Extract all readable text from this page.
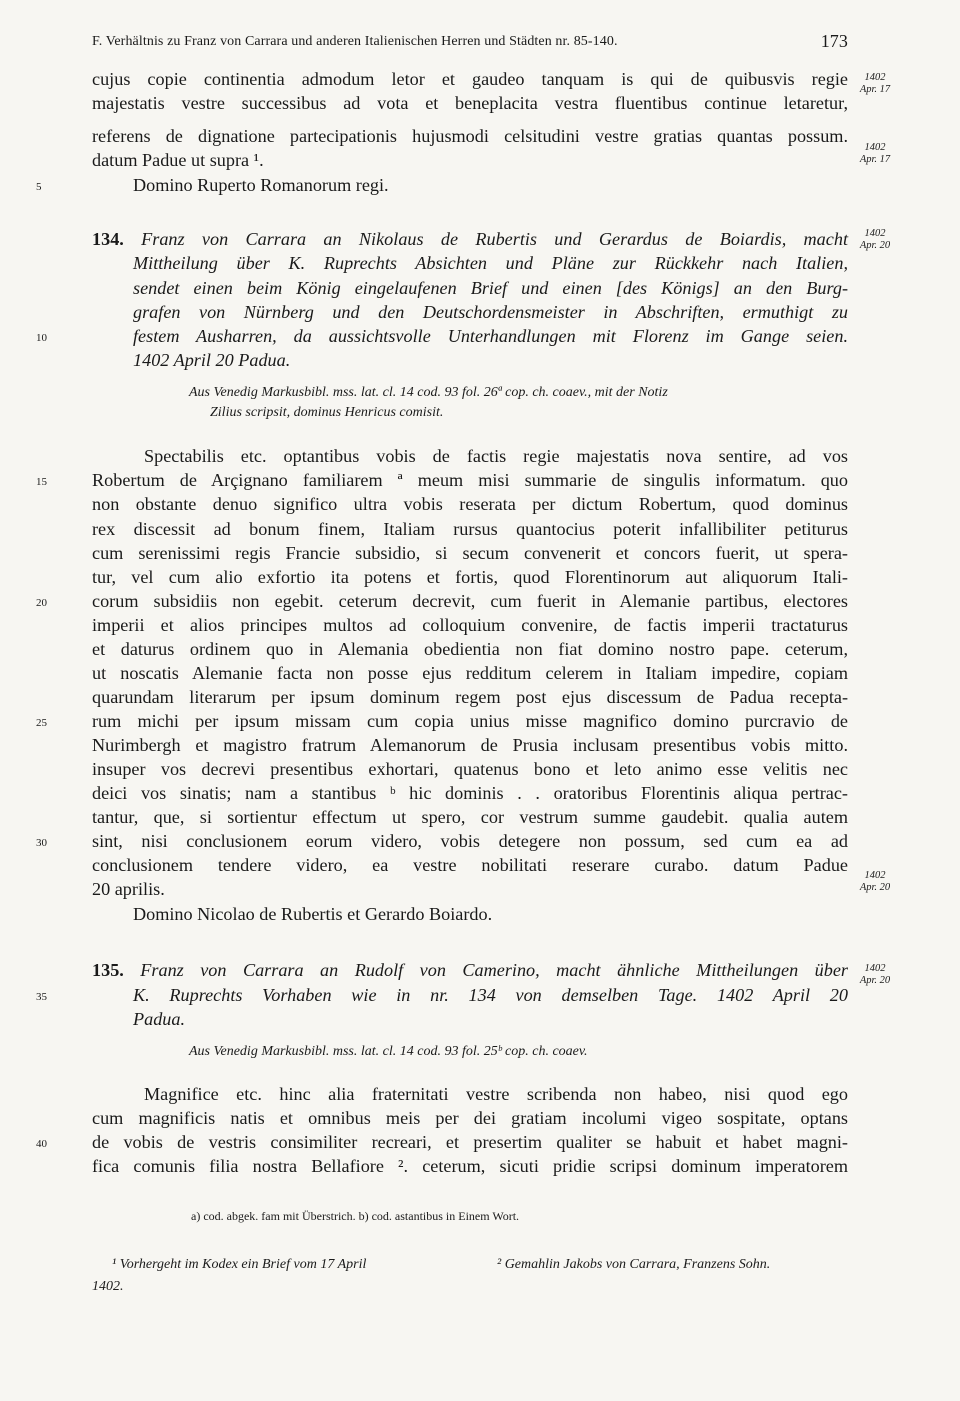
F. Verhältnis zu Franz von Carrara und anderen Italienischen Herren und Städten nr. 85-140.	173
cujus copie continentia admodum letor et gaudeo tanquam is qui de quibusvis regie
majestatis vestre successibus ad vota et beneplacita vestra fluentibus continue letaretur,
referens de dignatione partecipationis hujusmodi celsitudini vestre gratias quantas possum.
datum Padue ut supra ¹.
Domino Ruperto Romanorum regi.
134. Franz von Carrara an Nikolaus de Rubertis und Gerardus de Boiardis, macht
Mittheilung über K. Ruprechts Absichten und Pläne zur Rückkehr nach Italien,
sendet einen beim König eingelaufenen Brief und einen [des Königs] an den Burg-
grafen von Nürnberg und den Deutschordensmeister in Abschriften, ermuthigt zu
festem Ausharren, da aussichtsvolle Unterhandlungen mit Florenz im Gange seien.
1402 April 20 Padua.
Aus Venedig Markusbibl. mss. lat. cl. 14 cod. 93 fol. 26ª cop. ch. coaev., mit der Notiz
Zilius scripsit, dominus Henricus comisit.
Spectabilis etc. optantibus vobis de factis regie majestatis nova sentire, ad vos
Robertum de Arçignano familiarem ª meum misi summarie de singulis informatum. quo
non obstante denuo significo ultra vobis reserata per dictum Robertum, quod dominus
rex discessit ad bonum finem, Italiam rursus quantocius poterit infallibiliter petiturus
cum serenissimi regis Francie subsidio, si secum convenerit et concors fuerit, ut spera-
tur, vel cum alio exfortio ita potens et fortis, quod Florentinorum aut aliquorum Itali-
corum subsidiis non egebit. ceterum decrevit, cum fuerit in Alemanie partibus, electores
imperii et alios principes multos ad colloquium convenire, de factis imperii tractaturus
et daturus ordinem quo in Alemania obedientia non fiat domino nostro pape. ceterum,
ut noscatis Alemanie facta non posse ejus redditum celerem in Italiam impedire, copiam
quarundam literarum per ipsum dominum regem post ejus discessum de Padua recepta-
rum michi per ipsum missam cum copia unius misse magnifico domino purcravio de
Nurimbergh et magistro fratrum Alemanorum de Prusia inclusam presentibus vobis mitto.
insuper vos decrevi presentibus exhortari, quatenus bono et leto animo esse velitis nec
deici vos sinatis; nam a stantibus ᵇ hic dominis . . oratoribus Florentinis aliqua pertrac-
tantur, que, si sortientur effectum ut spero, cor vestrum summe gaudebit. qualia autem
sint, nisi conclusionem eorum videro, vobis detegere non possum, sed cum ea ad
conclusionem tendere videro, ea vestre nobilitati reserare curabo. datum Padue
20 aprilis.
Domino Nicolao de Rubertis et Gerardo Boiardo.
135. Franz von Carrara an Rudolf von Camerino, macht ähnliche Mittheilungen über
K. Ruprechts Vorhaben wie in nr. 134 von demselben Tage. 1402 April 20
Padua.
Aus Venedig Markusbibl. mss. lat. cl. 14 cod. 93 fol. 25ᵇ cop. ch. coaev.
Magnifice etc. hinc alia fraternitati vestre scribenda non habeo, nisi quod ego
cum magnificis natis et omnibus meis per dei gratiam incolumi vigeo sospitate, optans
de vobis de vestris consimiliter recreari, et presertim qualiter se habuit et habet magni-
fica comunis filia nostra Bellafiore ². ceterum, sicuti pridie scripsi dominum imperatorem
5
10
15
20
25
30
35
40
1402
Apr. 17
1402
Apr. 17
1402
Apr. 20
1402
Apr. 20
1402
Apr. 20
a) cod. abgek. fam mit Überstrich. b) cod. astantibus in Einem Wort.
¹ Vorhergeht im Kodex ein Brief vom 17 April
1402.
² Gemahlin Jakobs von Carrara, Franzens Sohn.
